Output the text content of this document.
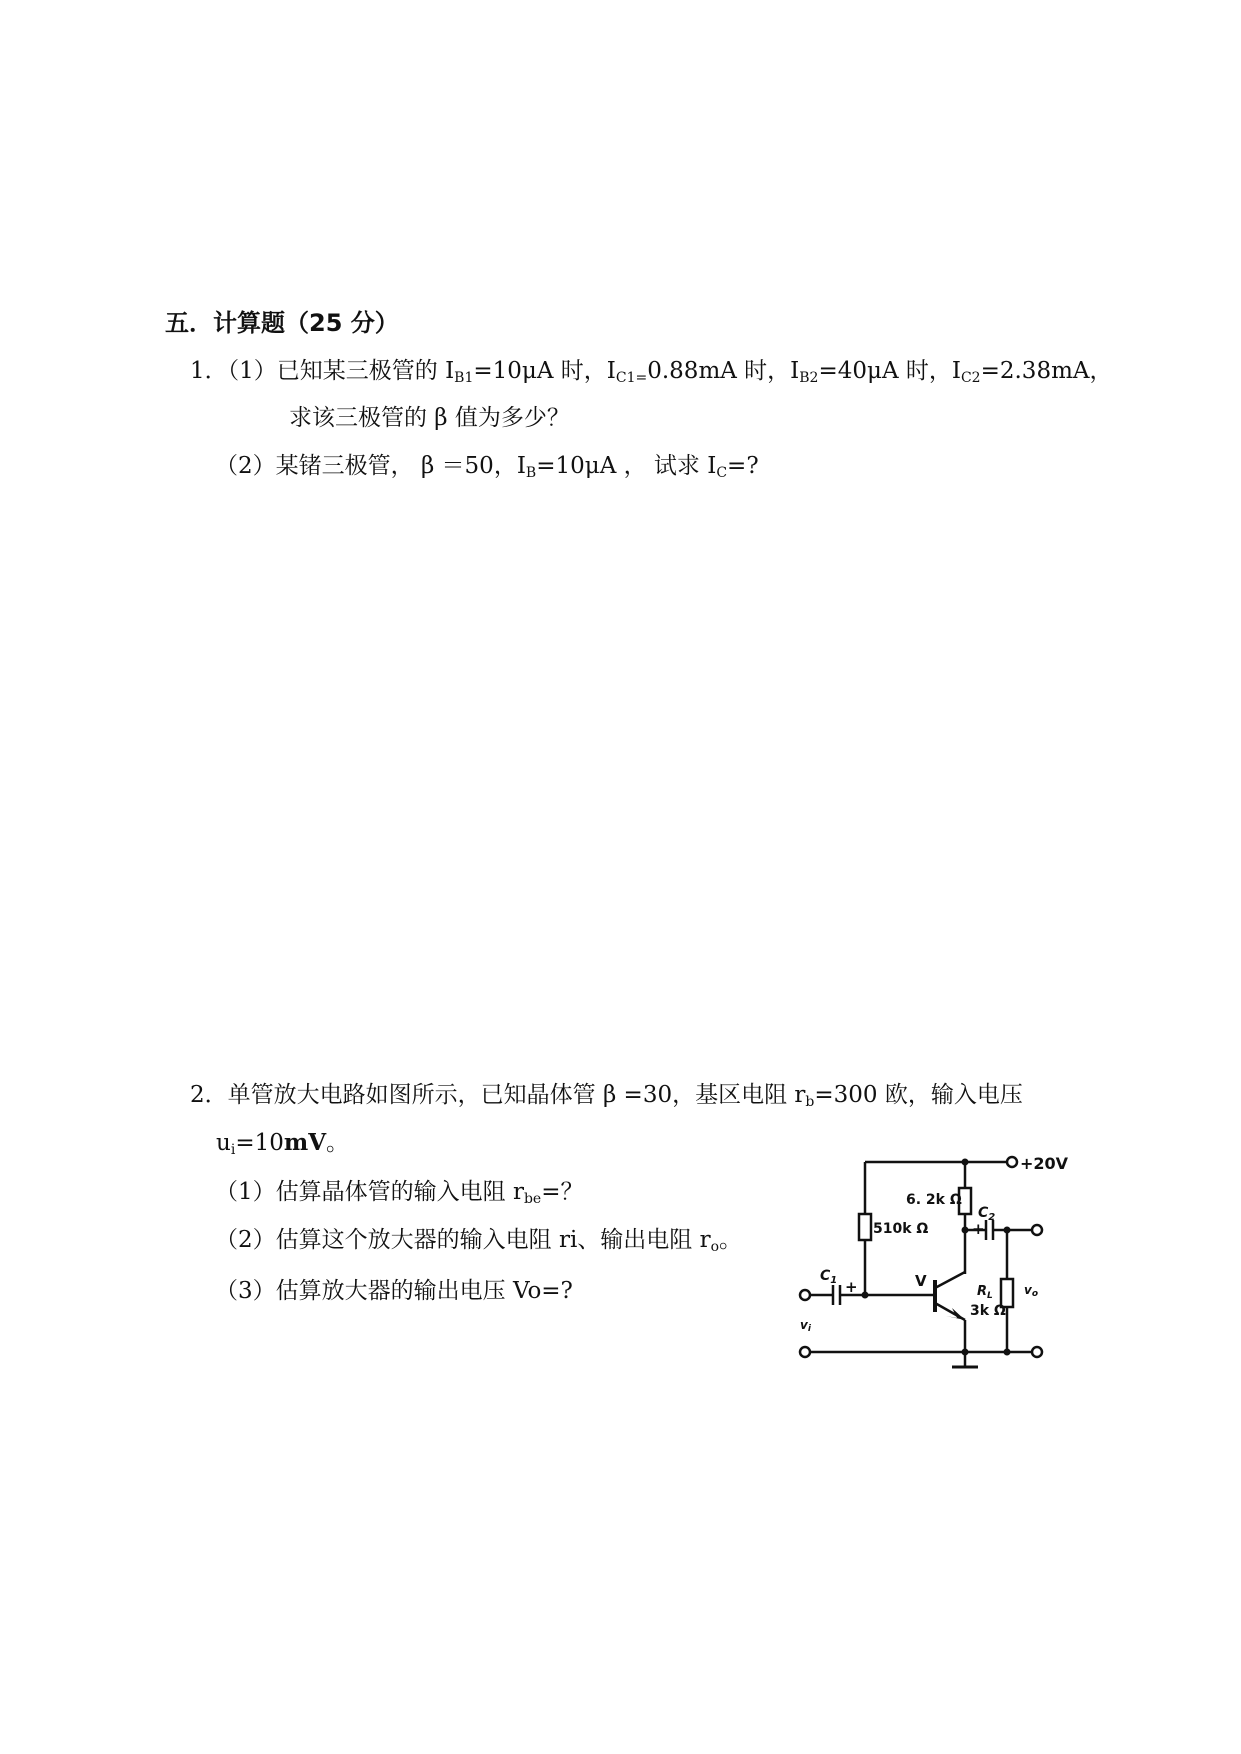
五．计算题（25 分）
1．（1）已知某三极管的 $I_{B1}=10\mu A$ 时，$I_{C1=}0.88mA$ 时，$I_{B2}=40\mu A$ 时，$I_{C2}=2.38mA$，
求该三极管的 β 值为多少？
（2）某锗三极管， β ＝50，$I_B=10\mu A$ ， 试求 $I_C=$?
2．单管放大电路如图所示，已知晶体管 β =30，基区电阻 $r_b=300$ 欧，输入电压
$u_i=10mV$。
（1）估算晶体管的输入电阻 $r_{be}=$？
（2）估算这个放大器的输入电阻 ri、输出电阻 $r_o$。
（3）估算放大器的输出电压 Vo=?
+20V
6. 2k Ω
510k Ω
$C_2$
+
$C_1$ +	V
$R_L$
3k Ω
vo
vi
